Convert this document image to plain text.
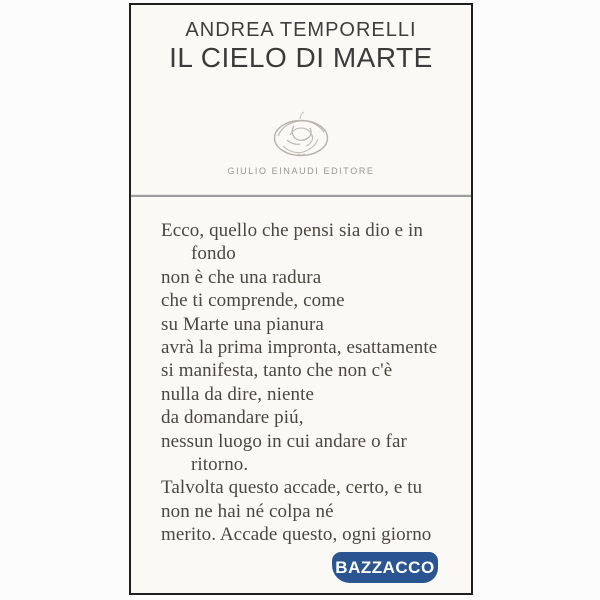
ANDREA TEMPORELLI
IL CIELO DI MARTE
GIULIO EINAUDI EDITORE
Ecco, quello che pensi sia dio e in
fondo
non è che una radura
che ti comprende, come
su Marte una pianura
avrà la prima impronta, esattamente
si manifesta, tanto che non c'è
nulla da dire, niente
da domandare piú,
nessun luogo in cui andare o far
ritorno.
Talvolta questo accade, certo, e tu
non ne hai né colpa né
merito. Accade questo, ogni giorno
BAZZACCO
